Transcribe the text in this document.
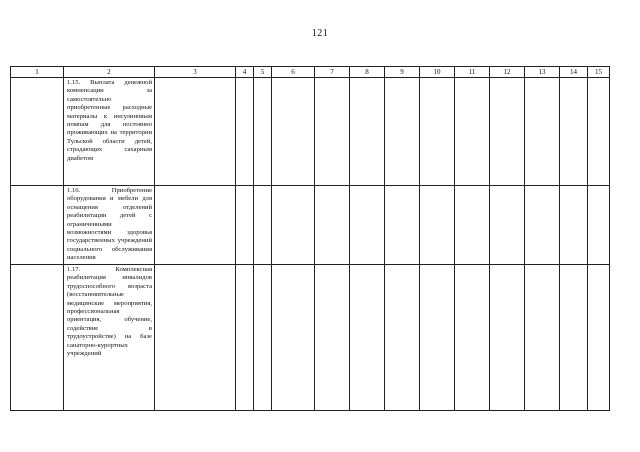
121
1	2	3	4	5	6	7	8	9	10	11	12	13	14	15

	1.15. Выплата денежной компенсации за самостоятельно приобретенные расходные материалы к инсулиновым помпам для постоянно проживающих на территории Тульской области детей, страдающих сахарным диабетом													

	1.16. Приобретение оборудования и мебели для оснащения отделений реабилитации детей с ограниченными возможностями здоровья государственных учреждений социального обслуживания населения													

	1.17. Комплексная реабилитация инвалидов трудоспособного возраста (восстановительные медицинские мероприятия, профессиональная ориентация, обучение, содействие в трудоустройстве) на базе санаторно-курортных учреждений													
